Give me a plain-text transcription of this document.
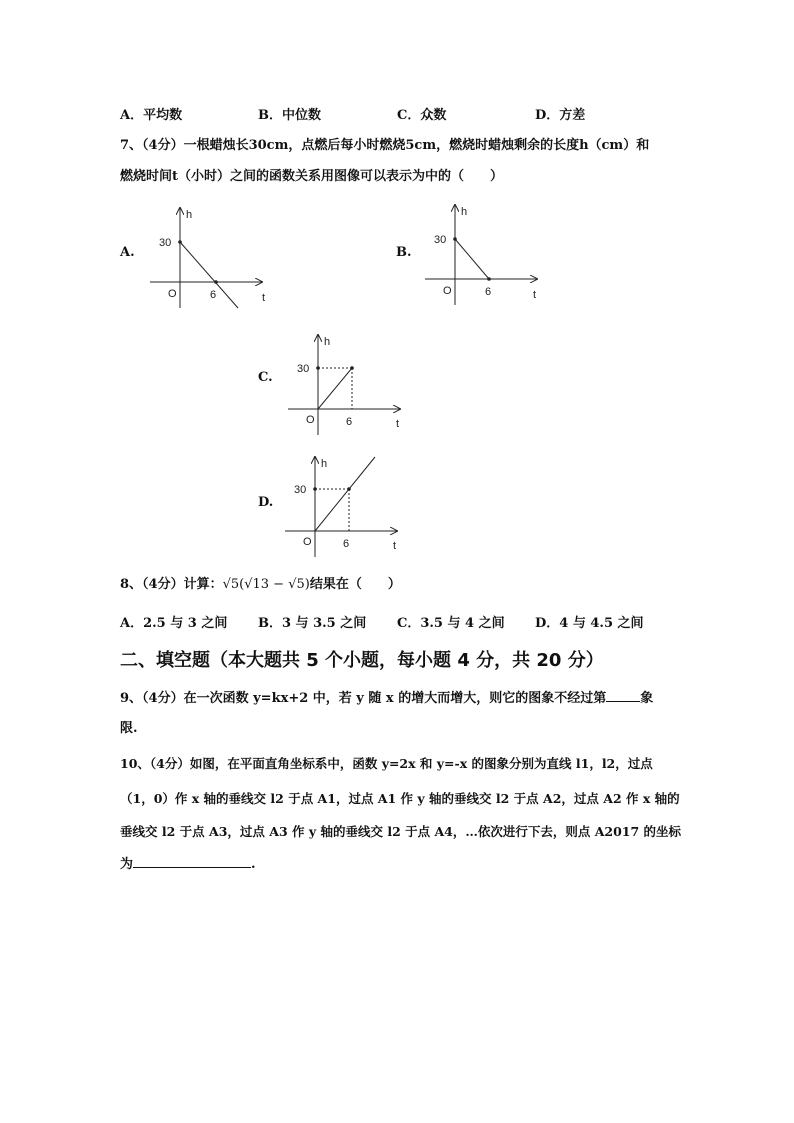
A．平均数	B．中位数	C．众数	D．方差
7、（4分）一根蜡烛长30cm，点燃后每小时燃烧5cm，燃烧时蜡烛剩余的长度h（cm）和
燃烧时间t（小时）之间的函数关系用图像可以表示为中的（　　）
A.
h
t
O
30
6
B.
h
t
O
30
6
C.
h
t
O
30
6
D.
h
t
O
30
6
8、（4分）计算：√5(√13 − √5)结果在（　　）
A．2.5 与 3 之间 B．3 与 3.5 之间 C．3.5 与 4 之间 D．4 与 4.5 之间
二、填空题（本大题共 5 个小题，每小题 4 分，共 20 分）
9、（4分）在一次函数 y=kx+2 中，若 y 随 x 的增大而增大，则它的图象不经过第	象
限.
10、（4分）如图，在平面直角坐标系中，函数 y=2x 和 y=-x 的图象分别为直线 l1，l2，过点
（1，0）作 x 轴的垂线交 l2 于点 A1，过点 A1 作 y 轴的垂线交 l2 于点 A2，过点 A2 作 x 轴的
垂线交 l2 于点 A3，过点 A3 作 y 轴的垂线交 l2 于点 A4，…依次进行下去，则点 A2017 的坐标
为	.
